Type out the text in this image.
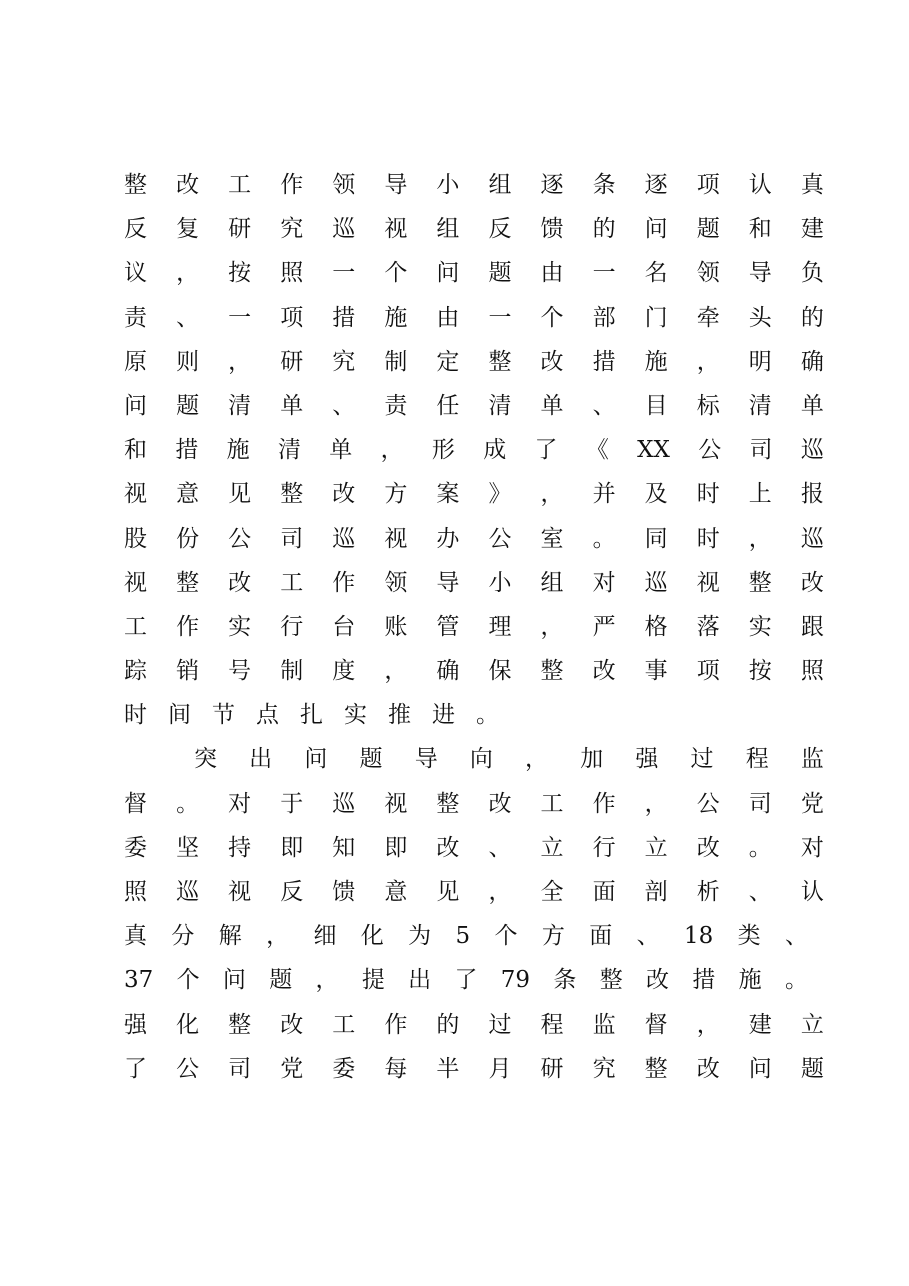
整 改 工 作 领 导 小 组 逐 条 逐 项 认 真
反 复 研 究 巡 视 组 反 馈 的 问 题 和 建
议 ， 按 照 一 个 问 题 由 一 名 领 导 负
责 、 一 项 措 施 由 一 个 部 门 牵 头 的
原 则 ， 研 究 制 定 整 改 措 施 ， 明 确
问 题 清 单 、 责 任 清 单 、 目 标 清 单
和 措 施 清 单 ， 形 成 了 《 XX 公 司 巡
视 意 见 整 改 方 案 》 ， 并 及 时 上 报
股 份 公 司 巡 视 办 公 室 。 同 时 ， 巡
视 整 改 工 作 领 导 小 组 对 巡 视 整 改
工 作 实 行 台 账 管 理 ， 严 格 落 实 跟
踪 销 号 制 度 ， 确 保 整 改 事 项 按 照
时 间 节 点 扎 实 推 进 。
突 出 问 题 导 向 ， 加 强 过 程 监
督 。 对 于 巡 视 整 改 工 作 ， 公 司 党
委 坚 持 即 知 即 改 、 立 行 立 改 。 对
照 巡 视 反 馈 意 见 ， 全 面 剖 析 、 认
真 分 解 ， 细 化 为 5 个 方 面 、 18 类 、
37 个 问 题 ， 提 出 了 79 条 整 改 措 施 。
强 化 整 改 工 作 的 过 程 监 督 ， 建 立
了 公 司 党 委 每 半 月 研 究 整 改 问 题
